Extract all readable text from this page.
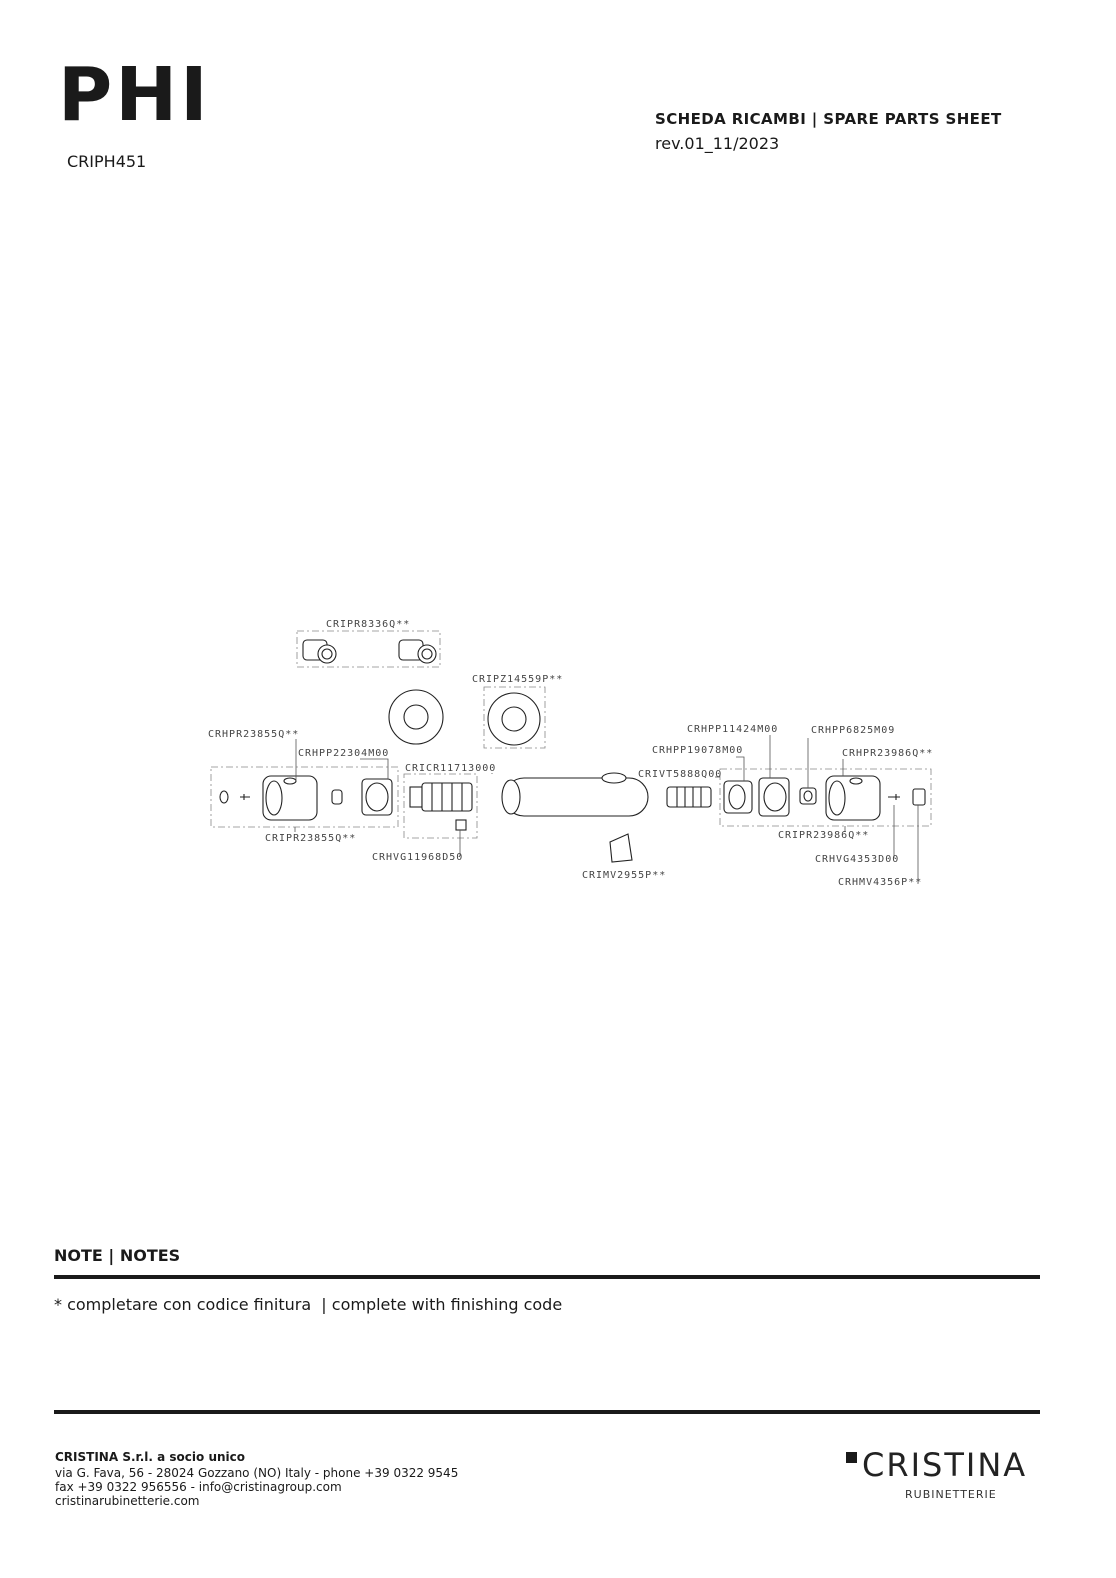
PHI
CRIPH451
SCHEDA RICAMBI | SPARE PARTS SHEET
rev.01_11/2023
CRIPR8336Q**
CRIPZ14559P**
CRHPR23855Q**
CRHPP22304M00
CRICR11713000
CRIPR23855Q**
CRHVG11968D50
CRIMV2955P**
CRHPP11424M00	CRHPP6825M09
CRHPP19078M00	CRHPR23986Q**
CRIVT5888Q00
CRIPR23986Q**
CRHVG4353D00
CRHMV4356P**
NOTE | NOTES
* completare con codice finitura  | complete with finishing code
CRISTINA S.r.l. a socio unico
via G. Fava, 56 - 28024 Gozzano (NO) Italy - phone +39 0322 9545
fax +39 0322 956556 - info@cristinagroup.com
cristinarubinetterie.com
CRISTINA
RUBINETTERIE
